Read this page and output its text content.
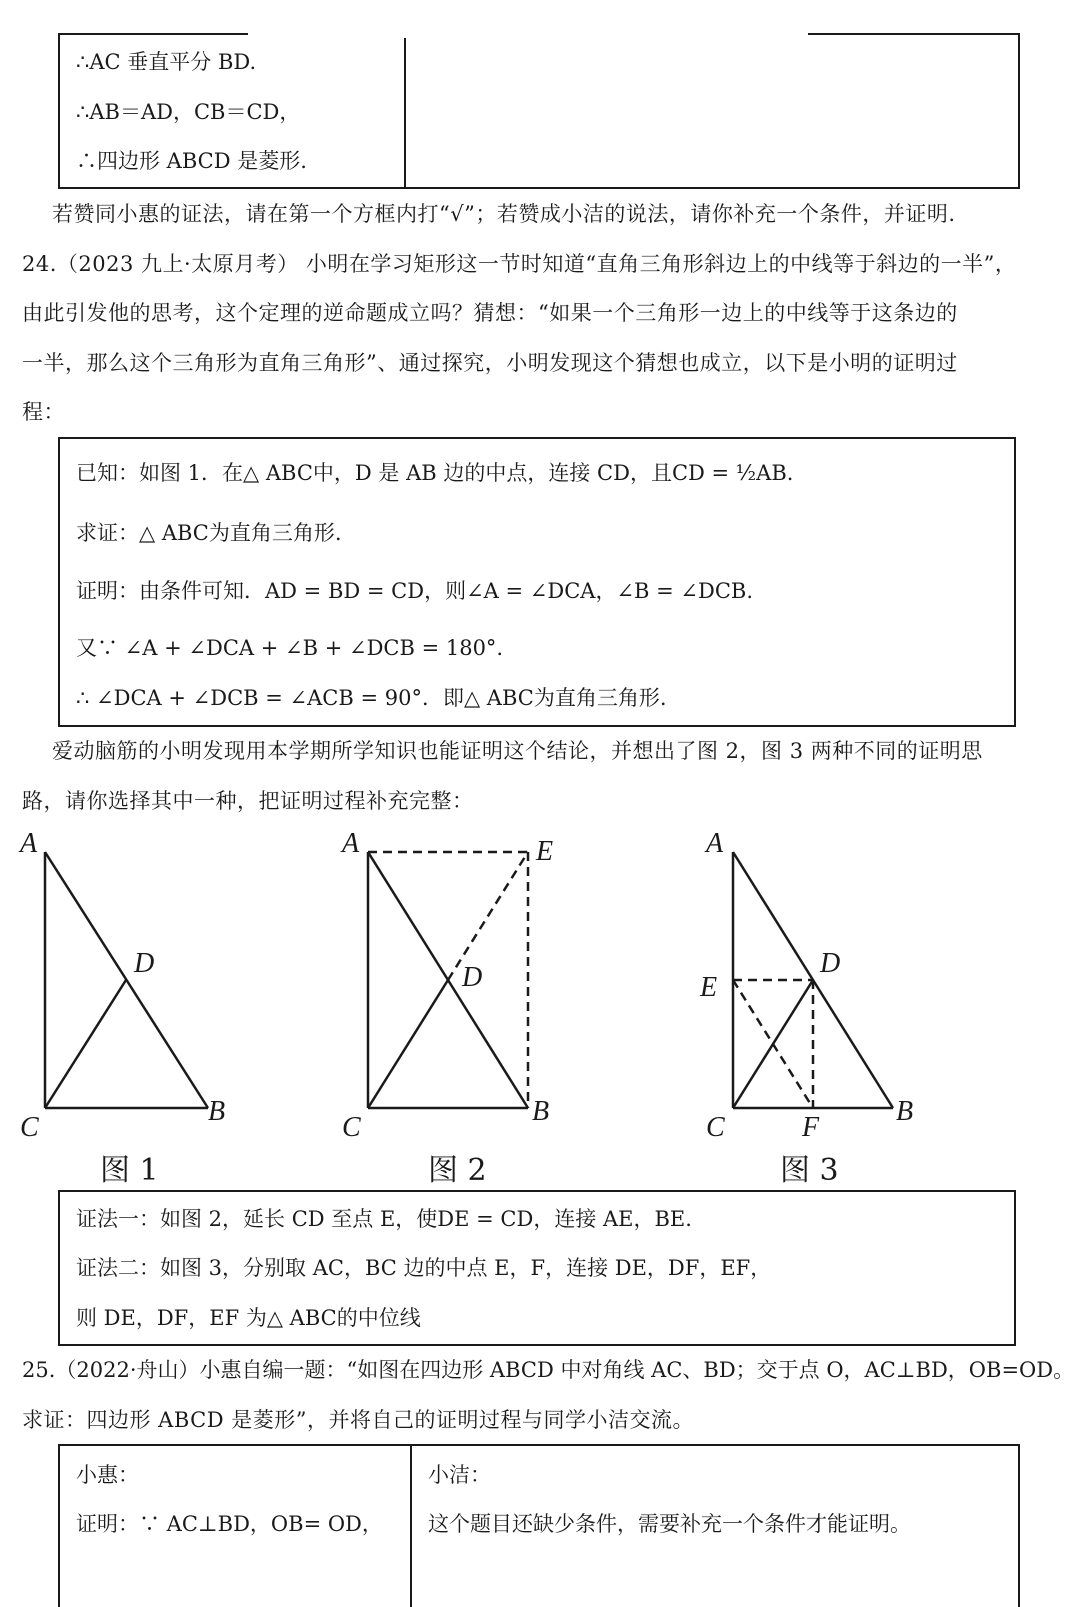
∴AC 垂直平分 BD.
∴AB＝AD，CB＝CD，
∴四边形 ABCD 是菱形.
若赞同小惠的证法，请在第一个方框内打“√”；若赞成小洁的说法，请你补充一个条件，并证明.
24.（2023 九上·太原月考） 小明在学习矩形这一节时知道“直角三角形斜边上的中线等于斜边的一半”，
由此引发他的思考，这个定理的逆命题成立吗？猜想：“如果一个三角形一边上的中线等于这条边的
一半，那么这个三角形为直角三角形”、通过探究，小明发现这个猜想也成立，以下是小明的证明过
程：
已知：如图 1．在△ ABC中，D 是 AB 边的中点，连接 CD，且CD = ½AB.
求证：△ ABC为直角三角形.
证明：由条件可知．AD = BD = CD，则∠A = ∠DCA，∠B = ∠DCB.
又∵ ∠A + ∠DCA + ∠B + ∠DCB = 180°.
∴ ∠DCA + ∠DCB = ∠ACB = 90°．即△ ABC为直角三角形.
爱动脑筋的小明发现用本学期所学知识也能证明这个结论，并想出了图 2，图 3 两种不同的证明思
路，请你选择其中一种，把证明过程补充完整：
A
D
C
B
A	E
D
C
B
A
D
E
C	F
B
图 1	图 2	图 3
证法一：如图 2，延长 CD 至点 E，使DE = CD，连接 AE，BE.
证法二：如图 3，分别取 AC，BC 边的中点 E，F，连接 DE，DF，EF，
则 DE，DF，EF 为△ ABC的中位线
25.（2022·舟山）小惠自编一题：“如图在四边形 ABCD 中对角线 AC、BD；交于点 O，AC⊥BD，OB=OD。
求证：四边形 ABCD 是菱形”，并将自己的证明过程与同学小洁交流。
小惠：
证明：∵ AC⊥BD，OB= OD，
小洁：
这个题目还缺少条件，需要补充一个条件才能证明。
